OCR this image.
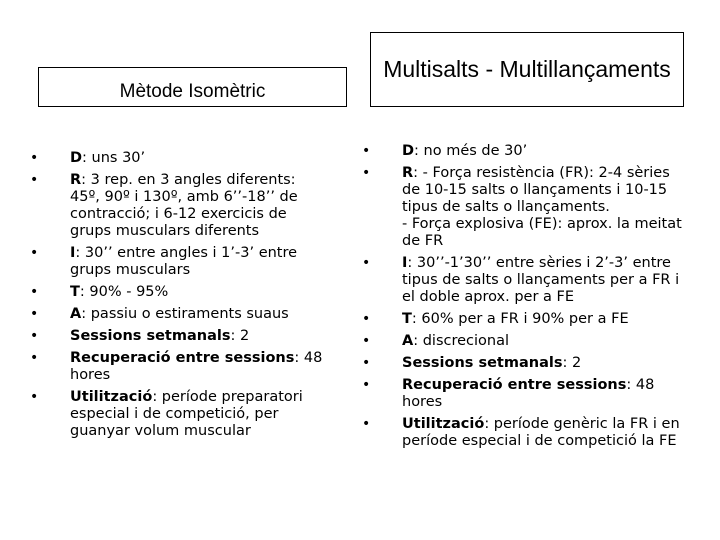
Mètode Isomètric
Multisalts - Multillançaments
• D: uns 30’
• R: 3 rep. en 3 angles diferents: 45º, 90º i 130º, amb 6’’-18’’ de contracció; i 6-12 exercicis de grups musculars diferents
• I: 30’’ entre angles i 1’-3’ entre grups musculars
• T: 90% - 95%
• A: passiu o estiraments suaus
• Sessions setmanals: 2
• Recuperació entre sessions: 48 hores
• Utilització: període preparatori especial i de competició, per guanyar volum muscular
• D: no més de 30’
• R: - Força resistència (FR): 2-4 sèries de 10-15 salts o llançaments i 10-15 tipus de salts o llançaments.
- Força explosiva (FE): aprox. la meitat de FR
• I: 30’’-1’30’’ entre sèries i 2’-3’ entre tipus de salts o llançaments per a FR i el doble aprox. per a FE
• T: 60% per a FR i 90% per a FE
• A: discrecional
• Sessions setmanals: 2
• Recuperació entre sessions: 48 hores
• Utilització: període genèric la FR i en període especial i de competició la FE
